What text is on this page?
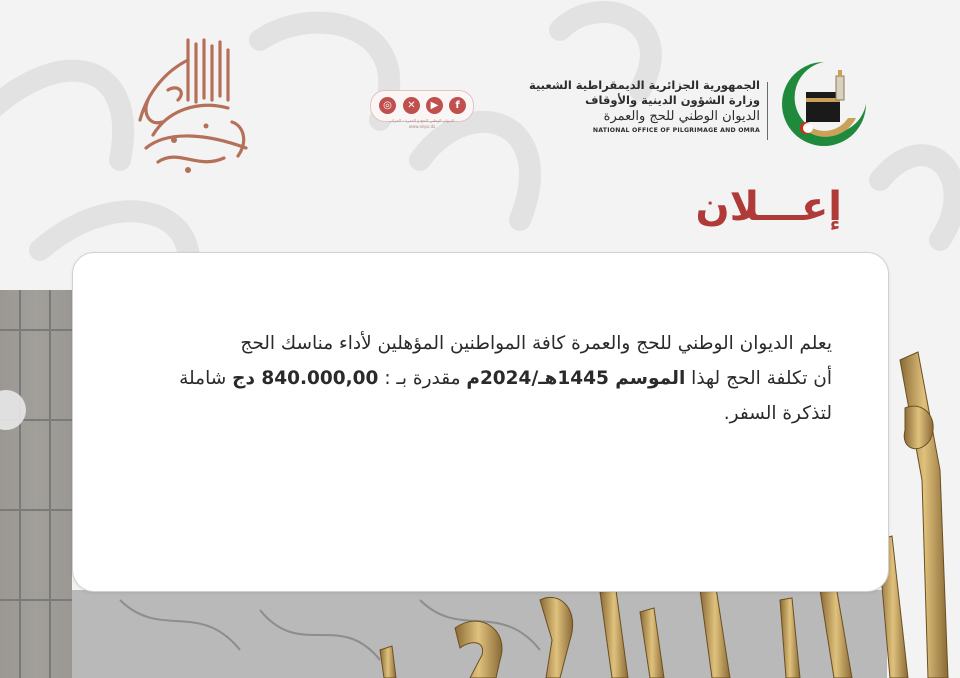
f
▶
✕
◎
الديوان الوطني للحج و العمرة - الجزائر
www.onpo.dz
الجمهورية الجزائرية الديمقراطية الشعبية
وزارة الشؤون الدينية والأوقاف
الديوان الوطني للحج والعمرة
NATIONAL OFFICE OF PILGRIMAGE AND OMRA
إعـــلان
يعلم الديوان الوطني للحج والعمرة كافة المواطنين المؤهلين لأداء مناسك الحج
أن تكلفة الحج لهذا الموسم 1445هـ/2024م مقدرة بـ : 840.000,00 دج شاملة
لتذكرة السفر.
